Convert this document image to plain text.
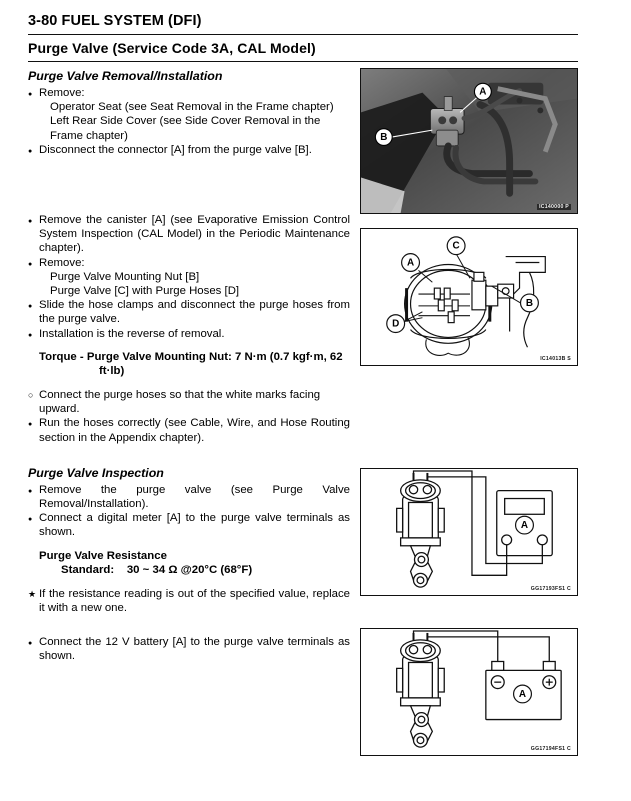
3-80 FUEL SYSTEM (DFI)
Purge Valve (Service Code 3A, CAL Model)
Purge Valve Removal/Installation
●
Remove:
Operator Seat (see Seat Removal in the Frame chapter)
Left Rear Side Cover (see Side Cover Removal in the Frame chapter)
●
Disconnect the connector [A] from the purge valve [B].
●
Remove the canister [A] (see Evaporative Emission Control System Inspection (CAL Model) in the Periodic Maintenance chapter).
●
Remove:
Purge Valve Mounting Nut [B]
Purge Valve [C] with Purge Hoses [D]
●
Slide the hose clamps and disconnect the purge hoses from the purge valve.
●
Installation is the reverse of removal.
Torque - Purge Valve Mounting Nut: 7 N·m (0.7 kgf·m, 62
ft·lb)
○
Connect the purge hoses so that the white marks facing upward.
●
Run the hoses correctly (see Cable, Wire, and Hose Routing section in the Appendix chapter).
Purge Valve Inspection
●
Remove the purge valve (see Purge Valve Removal/Installation).
●
Connect a digital meter [A] to the purge valve terminals as shown.
Purge Valve Resistance
Standard: 30 ~ 34 Ω @20°C (68°F)
★
If the resistance reading is out of the specified value, replace it with a new one.
●
Connect the 12 V battery [A] to the purge valve terminals as shown.
A
B
IC140000 P
A
C
B
D
IC14013B S
A
GG17193FS1 C
A
GG17194FS1 C
